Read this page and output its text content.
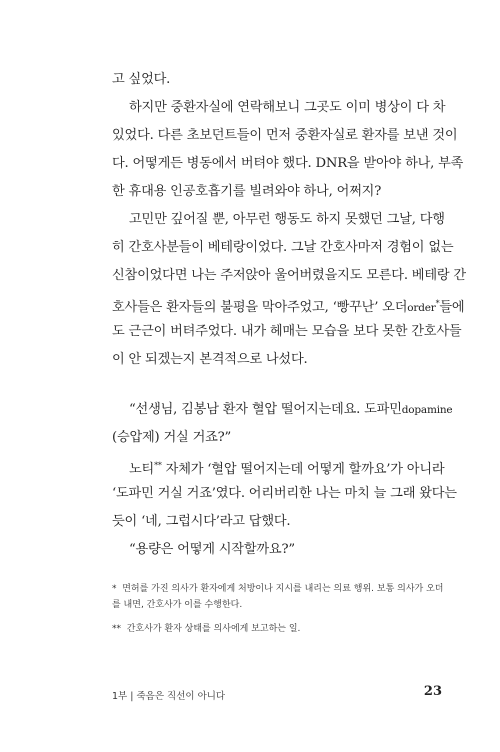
고 싶었다.
하지만 중환자실에 연락해보니 그곳도 이미 병상이 다 차
있었다. 다른 초보던트들이 먼저 중환자실로 환자를 보낸 것이
다. 어떻게든 병동에서 버텨야 했다. DNR을 받아야 하나, 부족
한 휴대용 인공호흡기를 빌려와야 하나, 어쩌지?
고민만 깊어질 뿐, 아무런 행동도 하지 못했던 그날, 다행
히 간호사분들이 베테랑이었다. 그날 간호사마저 경험이 없는
신참이었다면 나는 주저앉아 울어버렸을지도 모른다. 베테랑 간
호사들은 환자들의 불평을 막아주었고, ‘빵꾸난’ 오더order*들에
도 근근이 버텨주었다. 내가 헤매는 모습을 보다 못한 간호사들
이 안 되겠는지 본격적으로 나섰다.
“선생님, 김봉남 환자 혈압 떨어지는데요. 도파민dopamine
(승압제) 거실 거죠?”
노티** 자체가 ‘혈압 떨어지는데 어떻게 할까요’가 아니라
‘도파민 거실 거죠’였다. 어리버리한 나는 마치 늘 그래 왔다는
듯이 ‘네, 그럽시다’라고 답했다.
“용량은 어떻게 시작할까요?”
* 면허를 가진 의사가 환자에게 처방이나 지시를 내리는 의료 행위. 보통 의사가 오더
를 내면, 간호사가 이를 수행한다.
** 간호사가 환자 상태를 의사에게 보고하는 일.
1부 | 죽음은 직선이 아니다	23
